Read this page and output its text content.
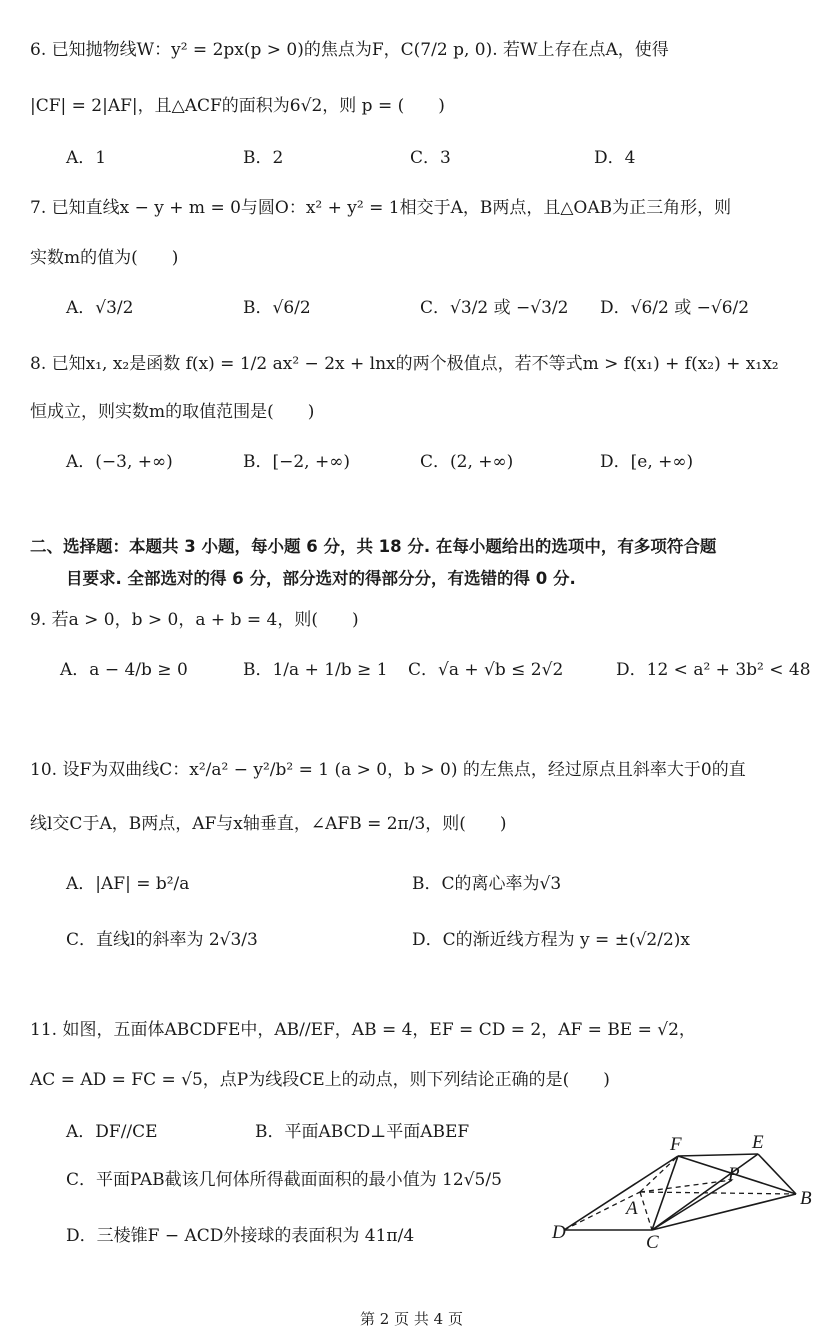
6. 已知抛物线W：y² = 2px(p > 0)的焦点为F，C(7/2 p, 0). 若W上存在点A，使得
|CF| = 2|AF|，且△ACF的面积为6√2，则 p = (　　)
A．1	B．2	C．3	D．4
7. 已知直线x − y + m = 0与圆O：x² + y² = 1相交于A，B两点，且△OAB为正三角形，则
实数m的值为(　　)
A．√3/2	B．√6/2	C．√3/2 或 −√3/2 D．√6/2 或 −√6/2
8. 已知x₁, x₂是函数 f(x) = 1/2 ax² − 2x + lnx的两个极值点，若不等式m > f(x₁) + f(x₂) + x₁x₂
恒成立，则实数m的取值范围是(　　)
A．(−3, +∞)	B．[−2, +∞)	C．(2, +∞)	D．[e, +∞)
二、选择题：本题共 3 小题，每小题 6 分，共 18 分. 在每小题给出的选项中，有多项符合题
目要求. 全部选对的得 6 分，部分选对的得部分分，有选错的得 0 分.
9. 若a > 0，b > 0，a + b = 4，则(　　)
A．a − 4/b ≥ 0	B．1/a + 1/b ≥ 1 C．√a + √b ≤ 2√2	D．12 < a² + 3b² < 48
10. 设F为双曲线C：x²/a² − y²/b² = 1 (a > 0，b > 0) 的左焦点，经过原点且斜率大于0的直
线l交C于A，B两点，AF与x轴垂直，∠AFB = 2π/3，则(　　)
A．|AF| = b²/a	B．C的离心率为√3
C．直线l的斜率为 2√3/3	D．C的渐近线方程为 y = ±(√2/2)x
11. 如图，五面体ABCDFE中，AB//EF，AB = 4，EF = CD = 2，AF = BE = √2，
AC = AD = FC = √5，点P为线段CE上的动点，则下列结论正确的是(　　)
A．DF//CE	B．平面ABCD⊥平面ABEF
C．平面PAB截该几何体所得截面面积的最小值为 12√5/5
D．三棱锥F − ACD外接球的表面积为 41π/4
F	E
P
A	B
D	C
第 2 页 共 4 页
